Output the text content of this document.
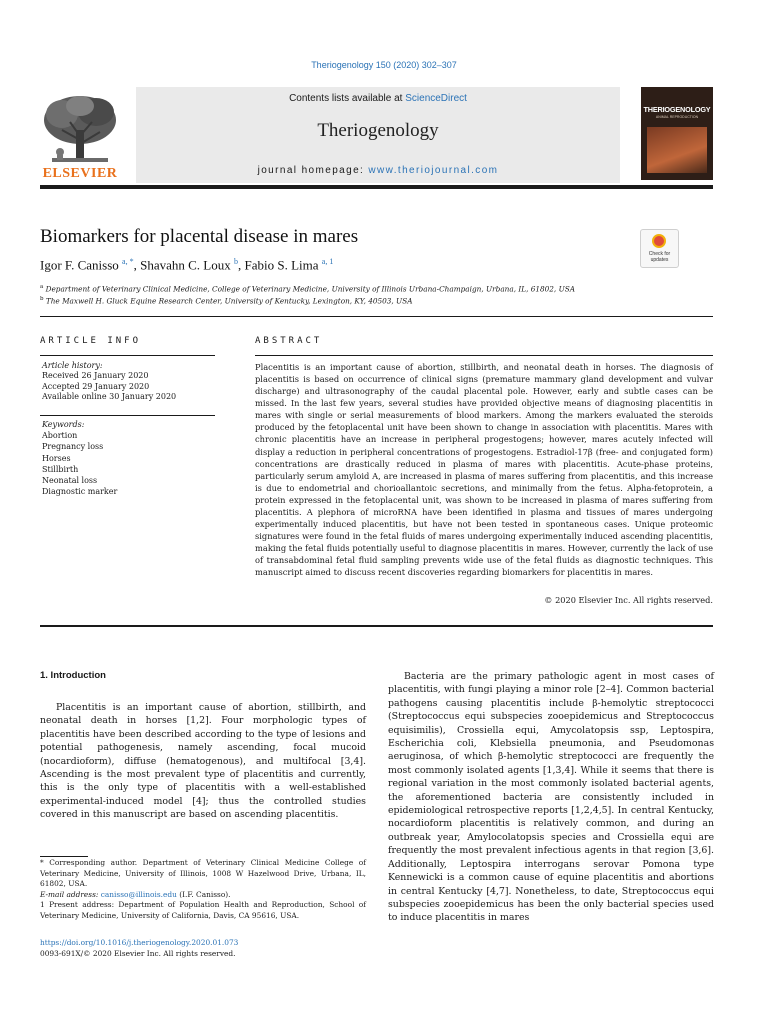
Theriogenology 150 (2020) 302–307
ELSEVIER
Contents lists available at ScienceDirect
Theriogenology
journal homepage: www.theriojournal.com
THERIOGENOLOGY
ANIMAL REPRODUCTION
Biomarkers for placental disease in mares
Check for updates
Igor F. Canisso $^{a, *}$, Shavahn C. Loux $^b$, Fabio S. Lima $^{a, 1}$
$^a$ Department of Veterinary Clinical Medicine, College of Veterinary Medicine, University of Illinois Urbana-Champaign, Urbana, IL, 61802, USA
$^b$ The Maxwell H. Gluck Equine Research Center, University of Kentucky, Lexington, KY, 40503, USA
ARTICLE INFO
Article history:
Received 26 January 2020
Accepted 29 January 2020
Available online 30 January 2020
Keywords:
Abortion
Pregnancy loss
Horses
Stillbirth
Neonatal loss
Diagnostic marker
ABSTRACT
Placentitis is an important cause of abortion, stillbirth, and neonatal death in horses. The diagnosis of placentitis is based on occurrence of clinical signs (premature mammary gland development and vulvar discharge) and ultrasonography of the caudal placental pole. However, early and subtle cases can be missed. In the last few years, several studies have provided objective means of diagnosing placentitis in mares with single or serial measurements of blood markers. Among the markers evaluated the steroids produced by the fetoplacental unit have been shown to change in association with placentitis. Mares with chronic placentitis have an increase in peripheral progestogens; however, mares acutely infected will display a reduction in peripheral concentrations of progestogens. Estradiol-17β (free- and conjugated form) concentrations are drastically reduced in plasma of mares with placentitis. Acute-phase proteins, particularly serum amyloid A, are increased in plasma of mares suffering from placentitis, and this increase is due to endometrial and chorioallantoic secretions, and minimally from the fetus. Alpha-fetoprotein, a protein expressed in the fetoplacental unit, was shown to be increased in plasma of mares suffering from placentitis. A plephora of microRNA have been identified in plasma and tissues of mares undergoing experimentally induced placentitis, but have not been tested in spontaneous cases. Unique proteomic signatures were found in the fetal fluids of mares undergoing experimentally induced ascending placentitis, making the fetal fluids potentially useful to diagnose placentitis in mares. However, currently the lack of use of transabdominal fetal fluid sampling prevents wide use of the fetal fluids as diagnostic techniques. This manuscript aimed to discuss recent discoveries regarding biomarkers for placentitis in mares.
© 2020 Elsevier Inc. All rights reserved.
1. Introduction

Placentitis is an important cause of abortion, stillbirth, and neonatal death in horses [1,2]. Four morphologic types of placentitis have been described according to the type of lesions and potential pathogenesis, namely ascending, focal mucoid (nocardioform), diffuse (hematogenous), and multifocal [3,4]. Ascending is the most prevalent type of placentitis and currently, this is the only type of placentitis with a well-established experimental-induced model [4]; thus the controlled studies covered in this manuscript are based on ascending placentitis.

Bacteria are the primary pathologic agent in most cases of placentitis, with fungi playing a minor role [2–4]. Common bacterial pathogens causing placentitis include β-hemolytic streptococci (Streptococcus equi subspecies zooepidemicus and Streptococcus equisimilis), Crossiella equi, Amycolatopsis ssp, Leptospira, Escherichia coli, Klebsiella pneumonia, and Pseudomonas aeruginosa, of which β-hemolytic streptococci are frequently the most commonly isolated agents [1,3,4]. While it seems that there is regional variation in the most commonly isolated bacterial agents, the aforementioned bacteria are consistently included in epidemiological retrospective reports [1,2,4,5]. In central Kentucky, nocardioform placentitis is relatively common, and during an outbreak year, Amylocolatopsis species and Crossiella equi are frequently the most prevalent infectious agents in that region [3,6]. Additionally, Leptospira interrogans serovar Pomona type Kennewicki is a common cause of equine placentitis and abortions in central Kentucky [4,7]. Nonetheless, to date, Streptococcus equi subspecies zooepidemicus has been the only bacterial species used to induce placentitis in mares

* Corresponding author. Department of Veterinary Clinical Medicine College of Veterinary Medicine, University of Illinois, 1008 W Hazelwood Drive, Urbana, IL, 61802, USA.

E-mail address: canisso@illinois.edu (I.F. Canisso).

1 Present address: Department of Population Health and Reproduction, School of Veterinary Medicine, University of California, Davis, CA 95616, USA.

https://doi.org/10.1016/j.theriogenology.2020.01.073

0093-691X/© 2020 Elsevier Inc. All rights reserved.
